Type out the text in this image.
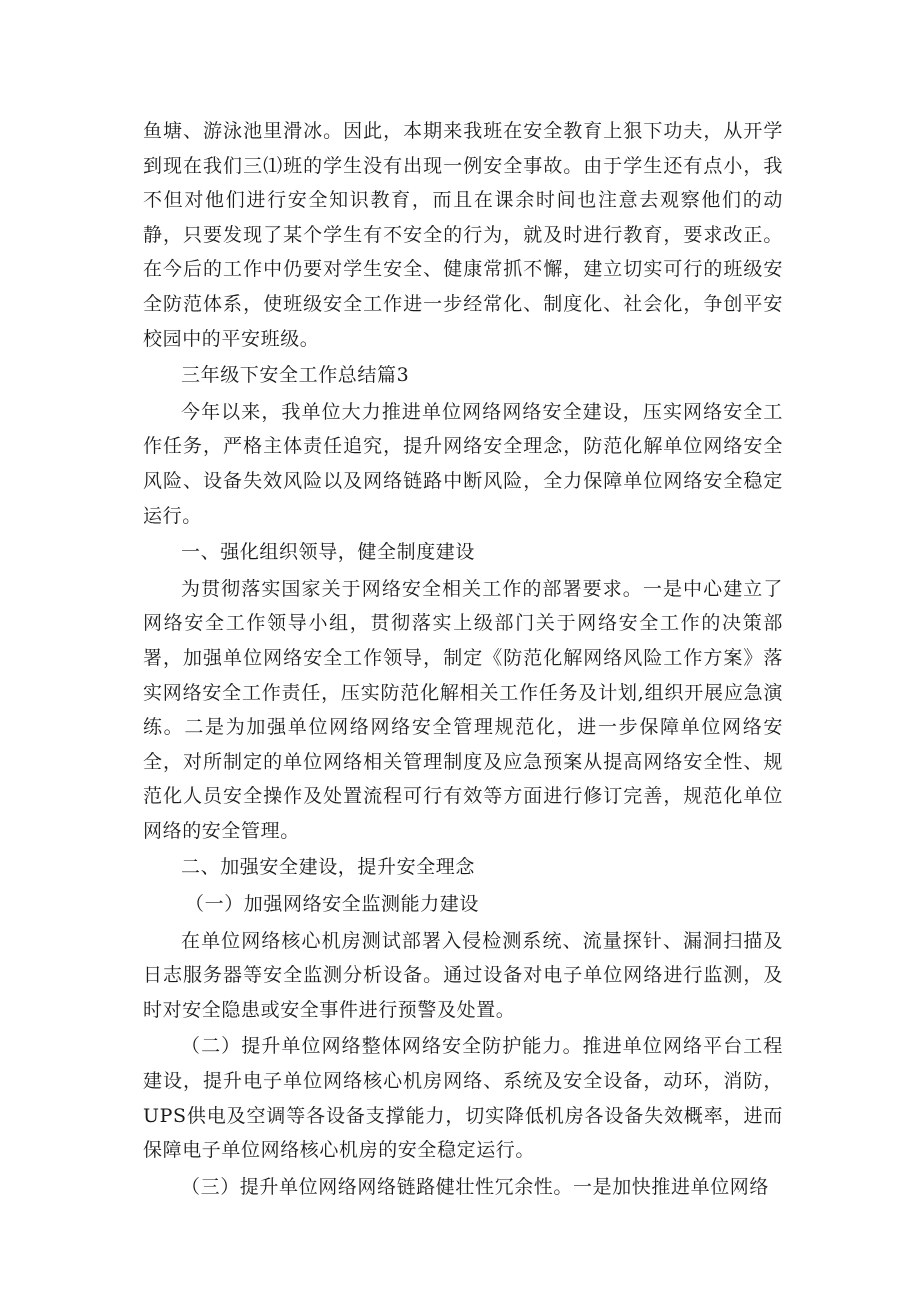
鱼塘、游泳池里滑冰。因此，本期来我班在安全教育上狠下功夫，从开学到现在我们三⑴班的学生没有出现一例安全事故。由于学生还有点小，我不但对他们进行安全知识教育，而且在课余时间也注意去观察他们的动静，只要发现了某个学生有不安全的行为，就及时进行教育，要求改正。在今后的工作中仍要对学生安全、健康常抓不懈，建立切实可行的班级安全防范体系，使班级安全工作进一步经常化、制度化、社会化，争创平安校园中的平安班级。

三年级下安全工作总结篇3

今年以来，我单位大力推进单位网络网络安全建设，压实网络安全工作任务，严格主体责任追究，提升网络安全理念，防范化解单位网络安全风险、设备失效风险以及网络链路中断风险，全力保障单位网络安全稳定运行。

一、强化组织领导，健全制度建设

为贯彻落实国家关于网络安全相关工作的部署要求。一是中心建立了网络安全工作领导小组，贯彻落实上级部门关于网络安全工作的决策部署，加强单位网络安全工作领导，制定《防范化解网络风险工作方案》落实网络安全工作责任，压实防范化解相关工作任务及计划,组织开展应急演练。二是为加强单位网络网络安全管理规范化，进一步保障单位网络安全，对所制定的单位网络相关管理制度及应急预案从提高网络安全性、规范化人员安全操作及处置流程可行有效等方面进行修订完善，规范化单位网络的安全管理。

二、加强安全建设，提升安全理念

（一）加强网络安全监测能力建设

在单位网络核心机房测试部署入侵检测系统、流量探针、漏洞扫描及日志服务器等安全监测分析设备。通过设备对电子单位网络进行监测，及时对安全隐患或安全事件进行预警及处置。

（二）提升单位网络整体网络安全防护能力。推进单位网络平台工程建设，提升电子单位网络核心机房网络、系统及安全设备，动环，消防，UPS供电及空调等各设备支撑能力，切实降低机房各设备失效概率，进而保障电子单位网络核心机房的安全稳定运行。

（三）提升单位网络网络链路健壮性冗余性。一是加快推进单位网络
